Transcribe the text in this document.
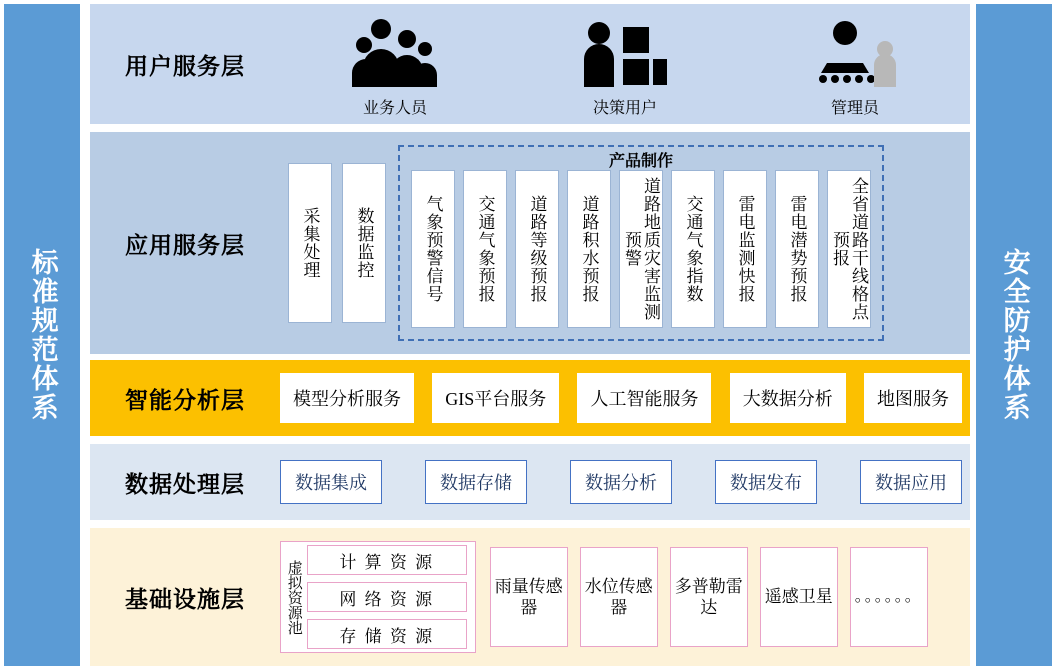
标准规范体系	安全防护体系
用户服务层
业务人员	决策用户	管理员
应用服务层	采集处理 数据监控
产品制作
气象预警信号 交通气象预报 道路等级预报 道路积水预报	道路地质灾害监测预警	交通气象指数 雷电监测快报 雷电潜势预报	全省道路干线格点预报
智能分析层	模型分析服务 GIS平台服务 人工智能服务 大数据分析 地图服务
数据处理层	数据集成	数据存储	数据分析	数据发布	数据应用
基础设施层	虚拟资源池 计 算 资 源
网 络 资 源
存 储 资 源
雨量传感器
水位传感器
多普勒雷达
遥感卫星 。。。。。。
